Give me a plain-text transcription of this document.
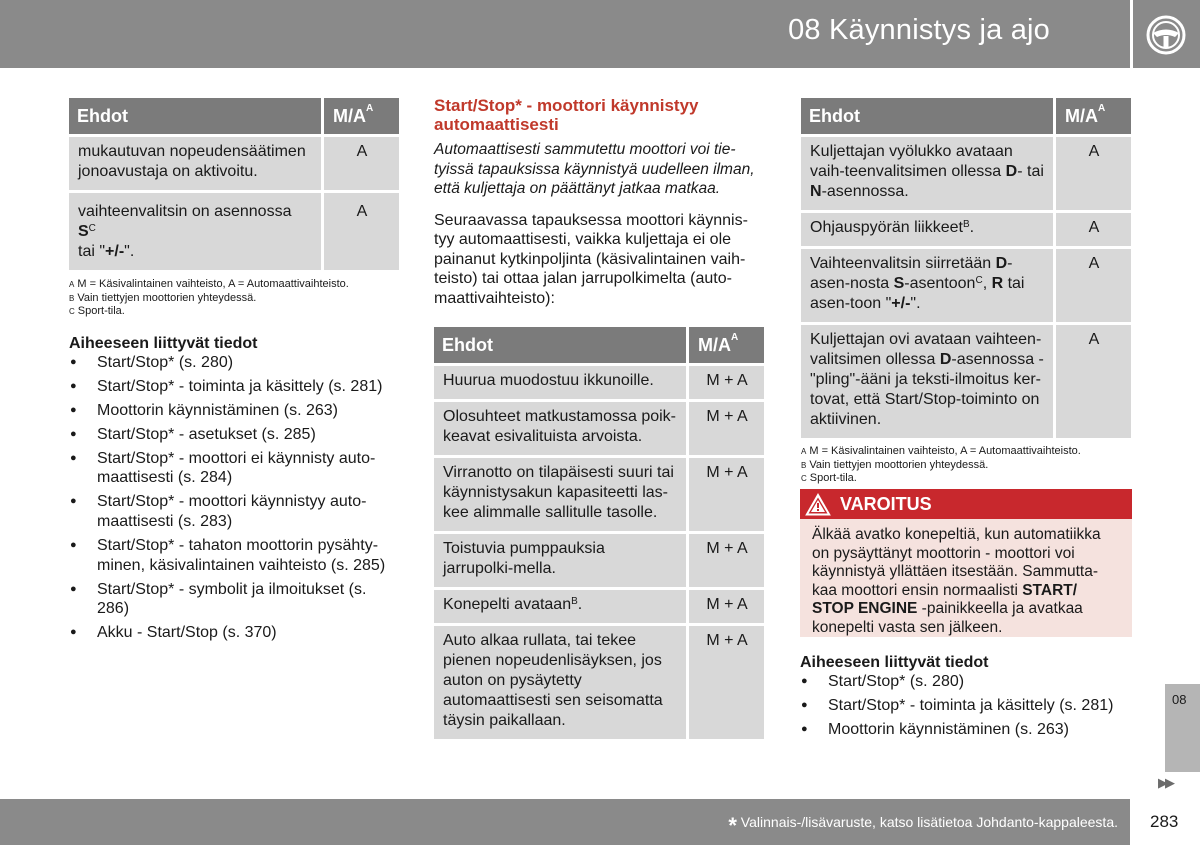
08 Käynnistys ja ajo
Ehdot	$M/A^A$
mukautuvan nopeudensäätimen jonoavustaja on aktivoitu.	A
vaihteenvalitsin on asennossa $S^C$
tai "+/-".	A
A M = Käsivalintainen vaihteisto, A = Automaattivaihteisto.
B Vain tiettyjen moottorien yhteydessä.
C Sport-tila.

Aiheeseen liittyvät tiedot

● Start/Stop* (s. 280)
● Start/Stop* - toiminta ja käsittely (s. 281)
● Moottorin käynnistäminen (s. 263)
● Start/Stop* - asetukset (s. 285)
● Start/Stop* - moottori ei käynnisty auto-maattisesti (s. 284)
● Start/Stop* - moottori käynnistyy auto-maattisesti (s. 283)
● Start/Stop* - tahaton moottorin pysähty-minen, käsivalintainen vaihteisto (s. 285)
● Start/Stop* - symbolit ja ilmoitukset (s. 286)
● Akku - Start/Stop (s. 370)

Start/Stop* - moottori käynnistyy automaattisesti

Automaattisesti sammutettu moottori voi tie-tyissä tapauksissa käynnistyä uudelleen ilman, että kuljettaja on päättänyt jatkaa matkaa.

Seuraavassa tapauksessa moottori käynnis-tyy automaattisesti, vaikka kuljettaja ei ole painanut kytkinpoljinta (käsivalintainen vaih-teisto) tai ottaa jalan jarrupolkimelta (auto-maattivaihteisto):

Ehdot	$M/A^A$
Huurua muodostuu ikkunoille.	M + A
Olosuhteet matkustamossa poik-keavat esivalituista arvoista.	M + A
Virranotto on tilapäisesti suuri tai käynnistysakun kapasiteetti las-kee alimmalle sallitulle tasolle.	M + A
Toistuvia pumppauksia jarrupolki-mella.	M + A
Konepelti avataan$^B$.	M + A
Auto alkaa rullata, tai tekee pienen nopeudenlisäyksen, jos auton on pysäytetty automaattisesti sen seisomatta täysin paikallaan.	M + A
Ehdot	$M/A^A$
Kuljettajan vyölukko avataan vaih-teenvalitsimen ollessa D- tai N-asennossa.	A
Ohjauspyörän liikkeet$^B$.	A
Vaihteenvalitsin siirretään D-asen-nosta S-asentoon$^C$, R tai asen-toon "+/-".	A
Kuljettajan ovi avataan vaihteen-valitsimen ollessa D-asennossa - "pling"-ääni ja teksti-ilmoitus ker-tovat, että Start/Stop-toiminto on aktiivinen.	A
A M = Käsivalintainen vaihteisto, A = Automaattivaihteisto.
B Vain tiettyjen moottorien yhteydessä.
C Sport-tila.
VAROITUS
Älkää avatko konepeltiä, kun automatiikka on pysäyttänyt moottorin - moottori voi käynnistyä yllättäen itsestään. Sammutta-kaa moottori ensin normaalisti START/ STOP ENGINE -painikkeella ja avatkaa konepelti vasta sen jälkeen.

Aiheeseen liittyvät tiedot

● Start/Stop* (s. 280)
● Start/Stop* - toiminta ja käsittely (s. 281)
● Moottorin käynnistäminen (s. 263)
08
▶▶
* Valinnais-/lisävaruste, katso lisätietoa Johdanto-kappaleesta. 283
